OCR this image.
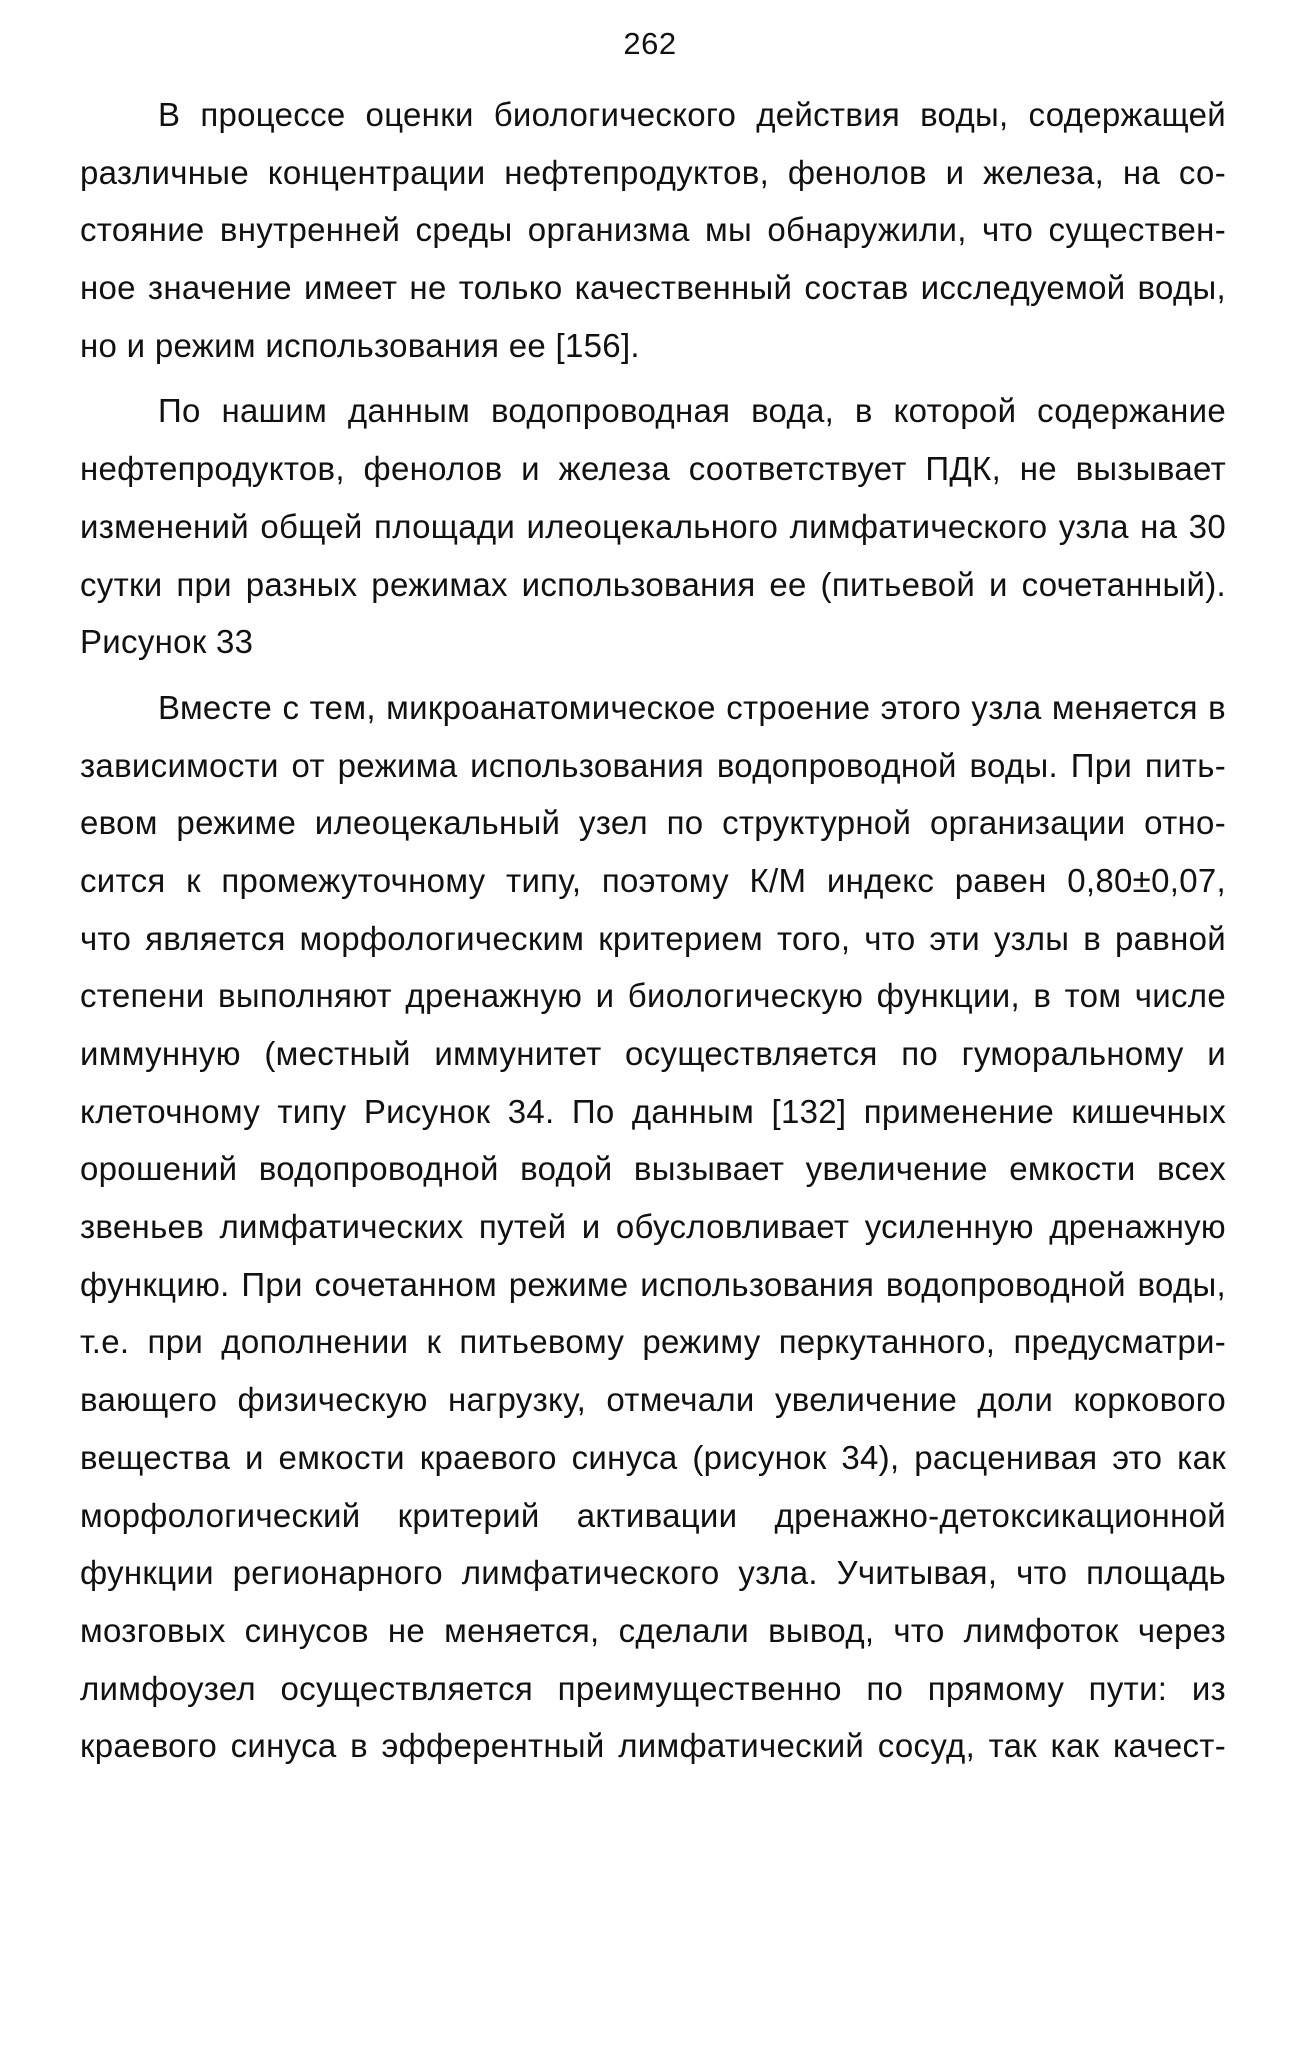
262
В процессе оценки биологического действия воды, содержащей
различные концентрации нефтепродуктов, фенолов и железа, на со-
стояние внутренней среды организма мы обнаружили, что существен-
ное значение имеет не только качественный состав исследуемой воды,
но и режим использования ее [156].
По нашим данным водопроводная вода, в которой содержание
нефтепродуктов, фенолов и железа соответствует ПДК, не вызывает
изменений общей площади илеоцекального лимфатического узла на 30
сутки при разных режимах использования ее (питьевой и сочетанный).
Рисунок 33
Вместе с тем, микроанатомическое строение этого узла меняется в
зависимости от режима использования водопроводной воды. При пить-
евом режиме илеоцекальный узел по структурной организации отно-
сится к промежуточному типу, поэтому К/М индекс равен 0,80±0,07,
что является морфологическим критерием того, что эти узлы в равной
степени выполняют дренажную и биологическую функции, в том числе
иммунную (местный иммунитет осуществляется по гуморальному и
клеточному типу Рисунок 34. По данным [132] применение кишечных
орошений водопроводной водой вызывает увеличение емкости всех
звеньев лимфатических путей и обусловливает усиленную дренажную
функцию. При сочетанном режиме использования водопроводной воды,
т.е. при дополнении к питьевому режиму перкутанного, предусматри-
вающего физическую нагрузку, отмечали увеличение доли коркового
вещества и емкости краевого синуса (рисунок 34), расценивая это как
морфологический критерий активации дренажно-детоксикационной
функции регионарного лимфатического узла. Учитывая, что площадь
мозговых синусов не меняется, сделали вывод, что лимфоток через
лимфоузел осуществляется преимущественно по прямому пути: из
краевого синуса в эфферентный лимфатический сосуд, так как качест-
